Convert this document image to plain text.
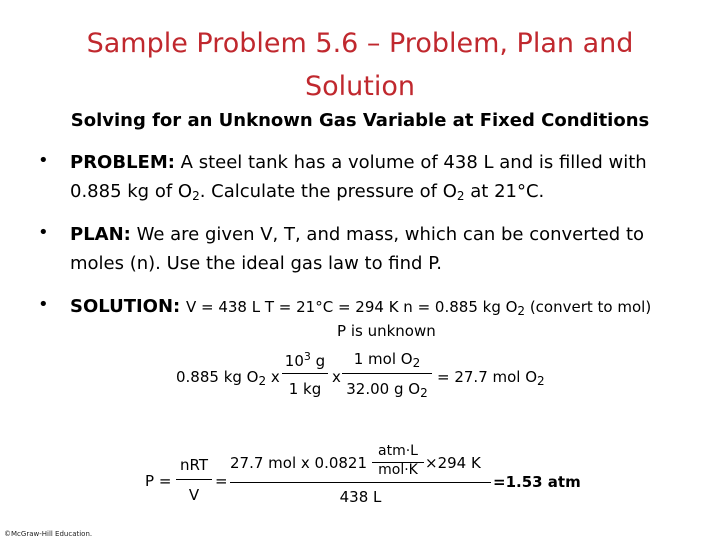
Sample Problem 5.6 – Problem, Plan and
Solution
Solving for an Unknown Gas Variable at Fixed Conditions
• PROBLEM: A steel tank has a volume of 438 L and is filled with
0.885 kg of $O_2$. Calculate the pressure of $O_2$ at 21°C.
• PLAN: We are given V, T, and mass, which can be converted to
moles (n). Use the ideal gas law to find P.
• SOLUTION: V = 438 L T = 21°C = 294 K n = 0.885 kg $O_2$ (convert to mol)
P is unknown
0.885 kg $O_2$ x
$10^3$ g
1 kg
x
1 mol $O_2$
32.00 g $O_2$
= 27.7 mol $O_2$
P =
nRT
V
=
27.7 mol x 0.0821
atm·L
mol·K ×294 K
438 L
=1.53 atm
©McGraw-Hill Education.
